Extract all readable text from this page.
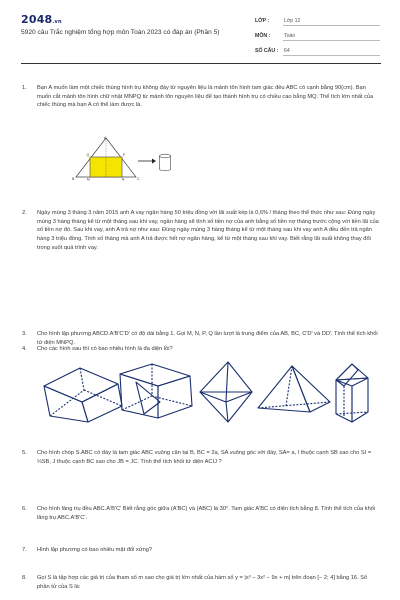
2048.vn
5920 câu Trắc nghiệm tổng hợp môn Toán 2023 có đáp án (Phần 5)
LỚP :	Lớp 12
MÔN :	Toán
SỐ CÂU : 64
1. Bạn A muốn làm một chiếc thùng hình trụ không đáy từ nguyên liệu là mảnh tôn hình tam giác đều ABC có cạnh bằng 90(cm). Bạn muốn cắt mảnh tôn hình chữ nhật MNPQ từ mảnh tôn nguyên liệu để tạo thành hình trụ có chiều cao bằng MQ. Thể tích lớn nhất của chiếc thùng mà bạn A có thể làm được là.
A
B	C
M	N
P
Q
2. Ngày mùng 3 tháng 3 năm 2015 anh A vay ngân hàng 50 triệu đồng với lãi suất kép là 0,6% / tháng theo thể thức như sau: Đúng ngày mùng 3 hàng tháng kể từ một tháng sau khi vay, ngân hàng sẽ tính số tiền nợ của anh bằng số tiền nợ tháng trước cộng với tiền lãi của số tiền nợ đó. Sau khi vay, anh A trả nợ như sau: Đúng ngày mùng 3 hàng tháng kể từ một tháng sau khi vay anh A đều đến trả ngân hàng 3 triệu đồng. Tính số tháng mà anh A trả được hết nợ ngân hàng, kể từ một tháng sau khi vay. Biết rằng lãi suất không thay đổi trong suốt quá trình vay.
3. Cho hình lập phương ABCD.A′B′C′D′ có độ dài bằng 1. Gọi M, N, P, Q lần lượt là trung điểm của AB, BC, C′D′ và DD′. Tính thể tích khối tứ diện MNPQ.
4. Cho các hình sau thì có bao nhiêu hình là đa diện lồi?
5. Cho hình chóp S.ABC có đáy là tam giác ABC vuông cân tại B, BC = 2a, SA vuông góc với đáy, SA= a, I thuộc cạnh SB sao cho SI = ⅓SB, J thuộc cạnh BC sao cho JB = JC. Tính thể tích khối tứ diện ACIJ ?
6. Cho hình lăng trụ đều ABC.A'B'C' Biết rằng góc giữa (A'BC) và (ABC) là 30°. Tam giác A'BC có diện tích bằng 8. Tính thể tích của khối lăng trụ ABC.A'B'C'.
7. Hình lập phương có bao nhiêu mặt đối xứng?
8. Gọi S là tập hợp các giá trị của tham số m sao cho giá trị lớn nhất của hàm số y = |x³ − 3x² − 9x + m| trên đoạn [− 2; 4] bằng 16. Số phần tử của S là:
